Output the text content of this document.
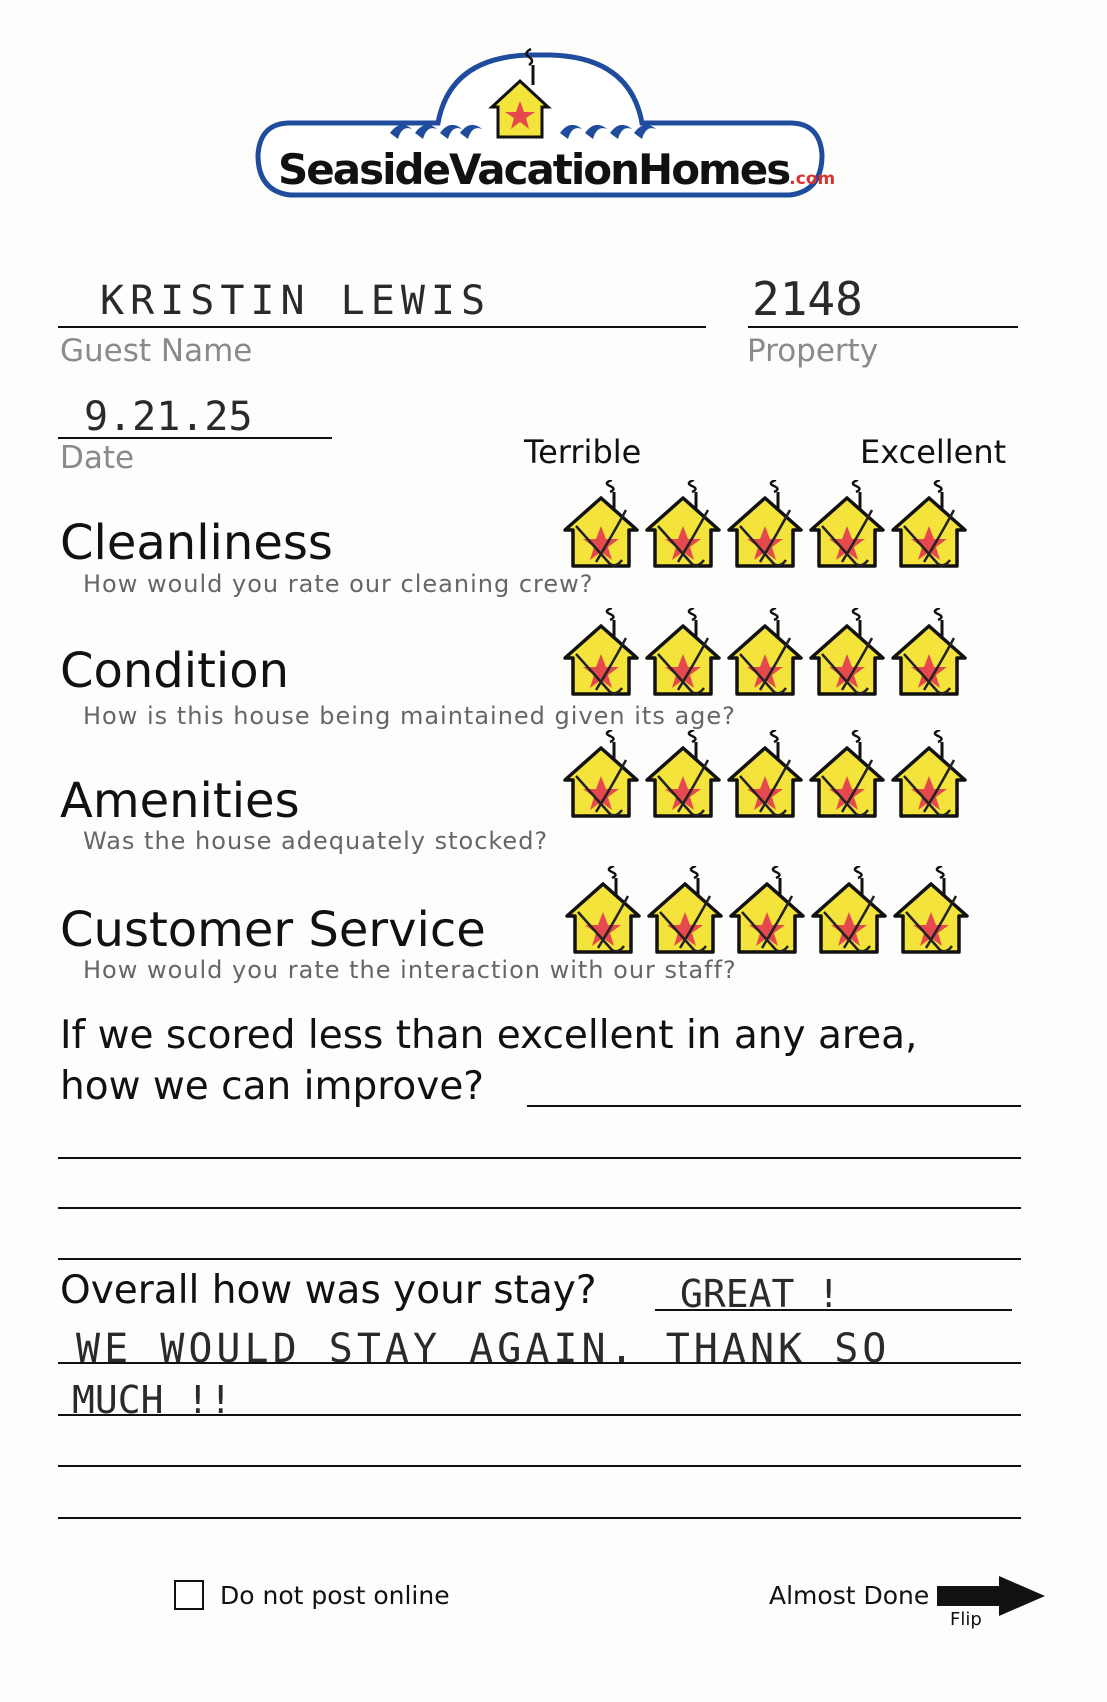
SeasideVacationHomes.com
KRISTIN LEWIS
Guest Name
2148
Property
9.21.25
Date	Terrible	Excellent
Cleanliness
How would you rate our cleaning crew?
Condition
How is this house being maintained given its age?
Amenities
Was the house adequately stocked?
Customer Service
How would you rate the interaction with our staff?
If we scored less than excellent in any area,
how we can improve?
Overall how was your stay? GREAT !
WE WOULD STAY AGAIN. THANK SO
MUCH !!
Do not post online	Almost Done
Flip
